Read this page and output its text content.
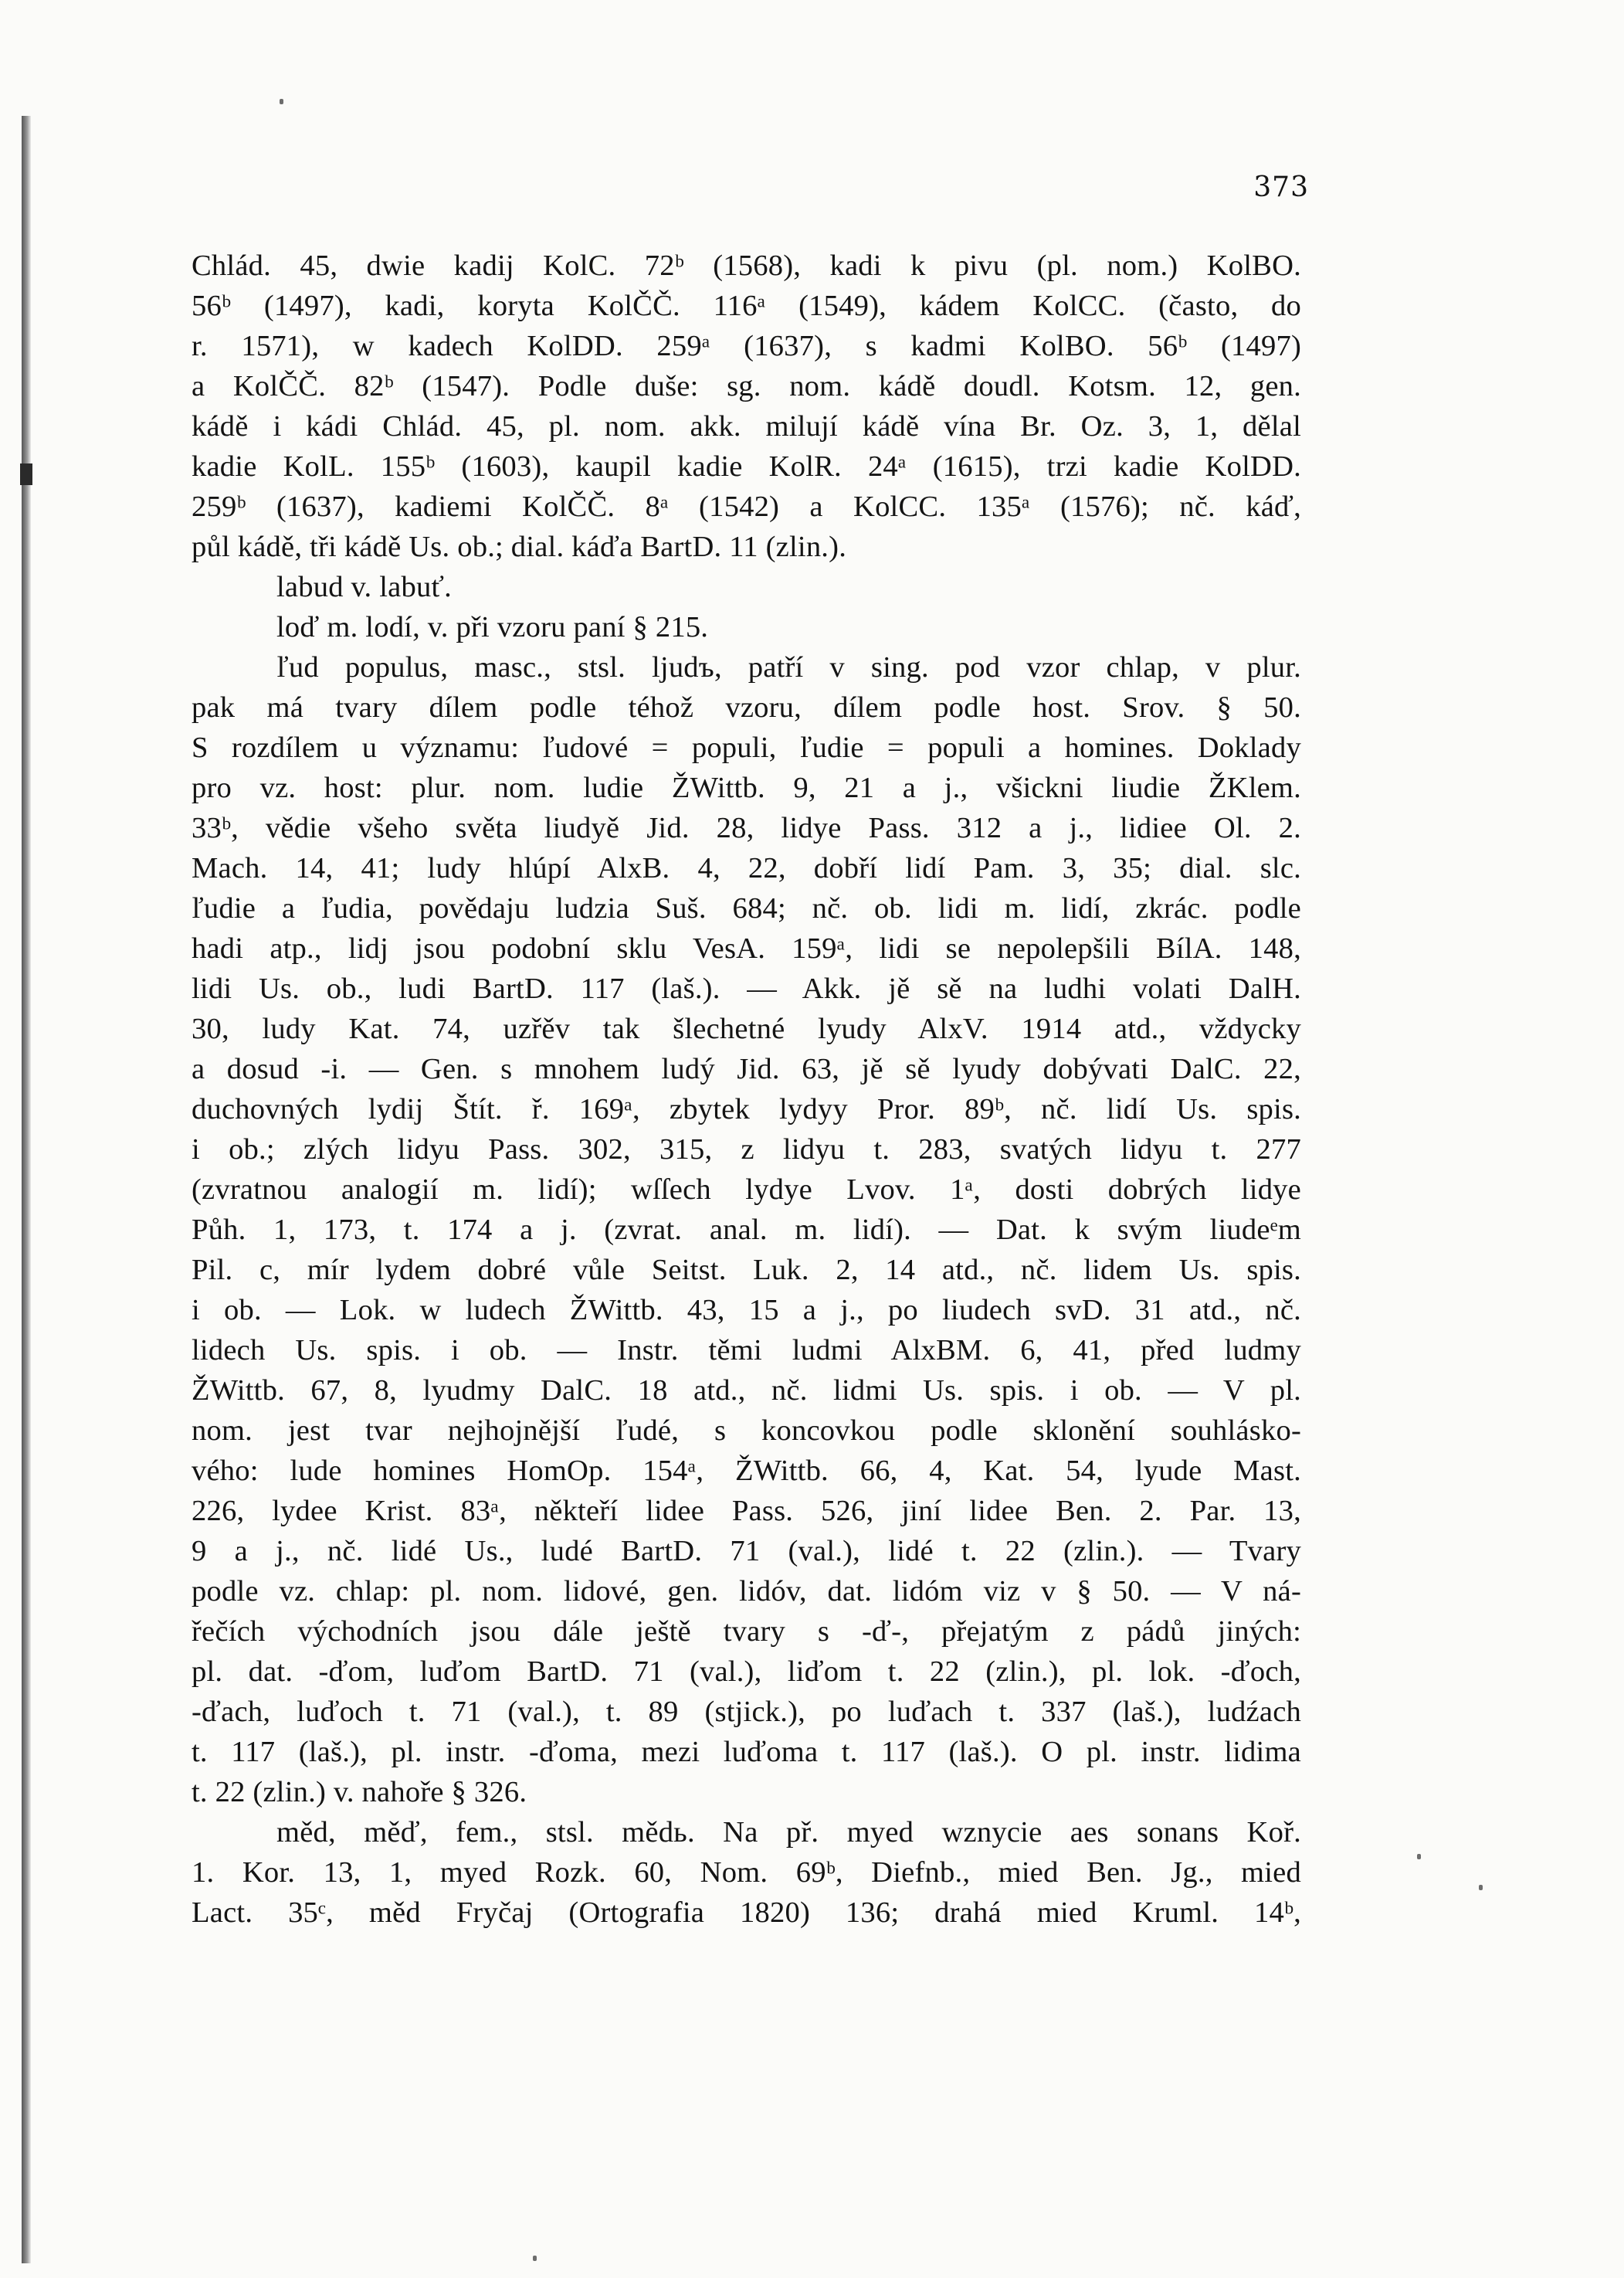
373
Chlád. 45, dwie kadij KolC. 72ᵇ (1568), kadi k pivu (pl. nom.) KolBO.
56ᵇ (1497), kadi, koryta KolČČ. 116ᵃ (1549), kádem KolCC. (často, do
r. 1571), w kadech KolDD. 259ᵃ (1637), s kadmi KolBO. 56ᵇ (1497)
a KolČČ. 82ᵇ (1547). Podle duše: sg. nom. kádě doudl. Kotsm. 12, gen.
kádě i kádi Chlád. 45, pl. nom. akk. milují kádě vína Br. Oz. 3, 1, dělal
kadie KolL. 155ᵇ (1603), kaupil kadie KolR. 24ᵃ (1615), trzi kadie KolDD.
259ᵇ (1637), kadiemi KolČČ. 8ᵃ (1542) a KolCC. 135ᵃ (1576); nč. káď,
půl kádě, tři kádě Us. ob.; dial. káďa BartD. 11 (zlin.).
labud v. labuť.
loď m. lodí, v. při vzoru paní § 215.
ľud populus, masc., stsl. ljudъ, patří v sing. pod vzor chlap, v plur.
pak má tvary dílem podle téhož vzoru, dílem podle host. Srov. § 50.
S rozdílem u významu: ľudové = populi, ľudie = populi a homines. Doklady
pro vz. host: plur. nom. ludie ŽWittb. 9, 21 a j., všickni liudie ŽKlem.
33ᵇ, vědie všeho světa liudyě Jid. 28, lidye Pass. 312 a j., lidiee Ol. 2.
Mach. 14, 41; ludy hlúpí AlxB. 4, 22, dobří lidí Pam. 3, 35; dial. slc.
ľudie a ľudia, povědaju ludzia Suš. 684; nč. ob. lidi m. lidí, zkrác. podle
hadi atp., lidj jsou podobní sklu VesA. 159ᵃ, lidi se nepolepšili BílA. 148,
lidi Us. ob., ludi BartD. 117 (laš.). — Akk. jě sě na ludhi volati DalH.
30, ludy Kat. 74, uzřěv tak šlechetné lyudy AlxV. 1914 atd., vždycky
a dosud -i. — Gen. s mnohem ludý Jid. 63, jě sě lyudy dobývati DalC. 22,
duchovných lydij Štít. ř. 169ᵃ, zbytek lydyy Pror. 89ᵇ, nč. lidí Us. spis.
i ob.; zlých lidyu Pass. 302, 315, z lidyu t. 283, svatých lidyu t. 277
(zvratnou analogií m. lidí); wſſech lydye Lvov. 1ᵃ, dosti dobrých lidye
Půh. 1, 173, t. 174 a j. (zvrat. anal. m. lidí). — Dat. k svým liudeᵉm
Pil. c, mír lydem dobré vůle Seitst. Luk. 2, 14 atd., nč. lidem Us. spis.
i ob. — Lok. w ludech ŽWittb. 43, 15 a j., po liudech svD. 31 atd., nč.
lidech Us. spis. i ob. — Instr. těmi ludmi AlxBM. 6, 41, před ludmy
ŽWittb. 67, 8, lyudmy DalC. 18 atd., nč. lidmi Us. spis. i ob. — V pl.
nom. jest tvar nejhojnější ľudé, s koncovkou podle sklonění souhlásko-
vého: lude homines HomOp. 154ᵃ, ŽWittb. 66, 4, Kat. 54, lyude Mast.
226, lydee Krist. 83ᵃ, někteří lidee Pass. 526, jiní lidee Ben. 2. Par. 13,
9 a j., nč. lidé Us., ludé BartD. 71 (val.), lidé t. 22 (zlin.). — Tvary
podle vz. chlap: pl. nom. lidové, gen. lidóv, dat. lidóm viz v § 50. — V ná-
řečích východních jsou dále ještě tvary s -ď-, přejatým z pádů jiných:
pl. dat. -ďom, luďom BartD. 71 (val.), liďom t. 22 (zlin.), pl. lok. -ďoch,
-ďach, luďoch t. 71 (val.), t. 89 (stjick.), po luďach t. 337 (laš.), ludźach
t. 117 (laš.), pl. instr. -ďoma, mezi luďoma t. 117 (laš.). O pl. instr. lidima
t. 22 (zlin.) v. nahoře § 326.
měd, měď, fem., stsl. mědь. Na př. myed wznycie aes sonans Koř.
1. Kor. 13, 1, myed Rozk. 60, Nom. 69ᵇ, Diefnb., mied Ben. Jg., mied
Lact. 35ᶜ, měd Fryčaj (Ortografia 1820) 136; drahá mied Kruml. 14ᵇ,
